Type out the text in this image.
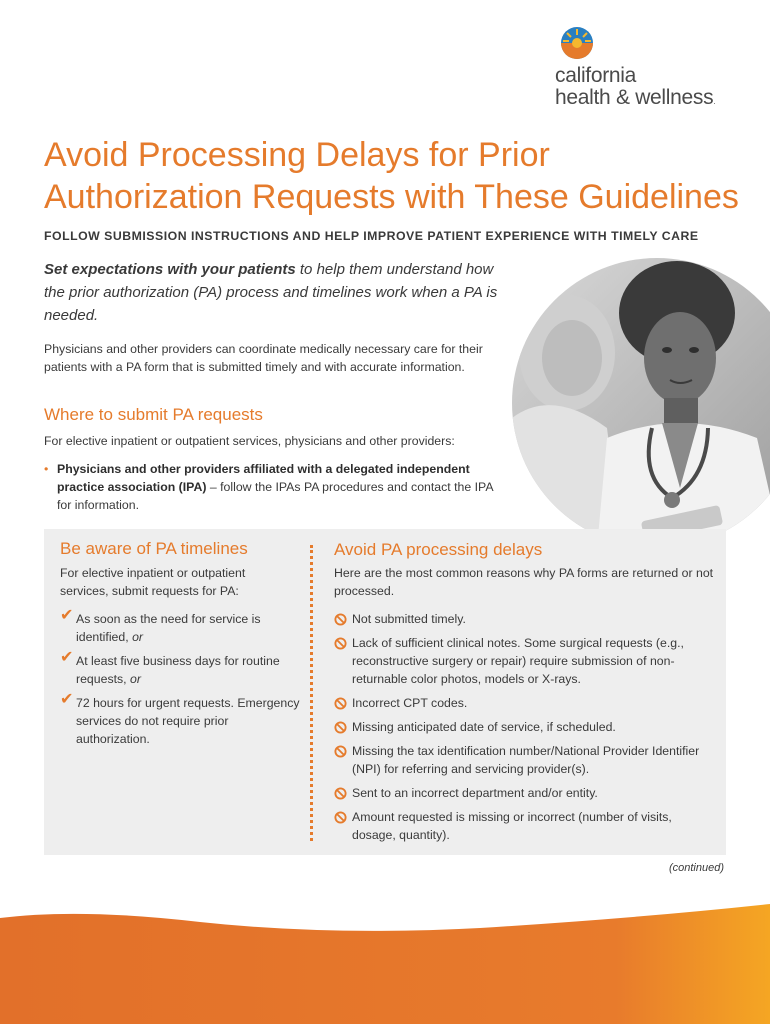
california
health & wellness.
Avoid Processing Delays for Prior Authorization Requests with These Guidelines
FOLLOW SUBMISSION INSTRUCTIONS AND HELP IMPROVE PATIENT EXPERIENCE WITH TIMELY CARE
Set expectations with your patients to help them understand how the prior authorization (PA) process and timelines work when a PA is needed.
Physicians and other providers can coordinate medically necessary care for their patients with a PA form that is submitted timely and with accurate information.
Where to submit PA requests
For elective inpatient or outpatient services, physicians and other providers:
• Physicians and other providers affiliated with a delegated independent practice association (IPA) – follow the IPAs PA procedures and contact the IPA for information.
Be aware of PA timelines
For elective inpatient or outpatient services, submit requests for PA:
✔ As soon as the need for service is identified, or
✔ At least five business days for routine requests, or
✔ 72 hours for urgent requests. Emergency services do not require prior authorization.
Avoid PA processing delays
Here are the most common reasons why PA forms are returned or not processed.
Not submitted timely.
Lack of sufficient clinical notes. Some surgical requests (e.g., reconstructive surgery or repair) require submission of non-returnable color photos, models or X-rays.
Incorrect CPT codes.
Missing anticipated date of service, if scheduled.
Missing the tax identification number/National Provider Identifier (NPI) for referring and servicing provider(s).
Sent to an incorrect department and/or entity.
Amount requested is missing or incorrect (number of visits, dosage, quantity).
(continued)
